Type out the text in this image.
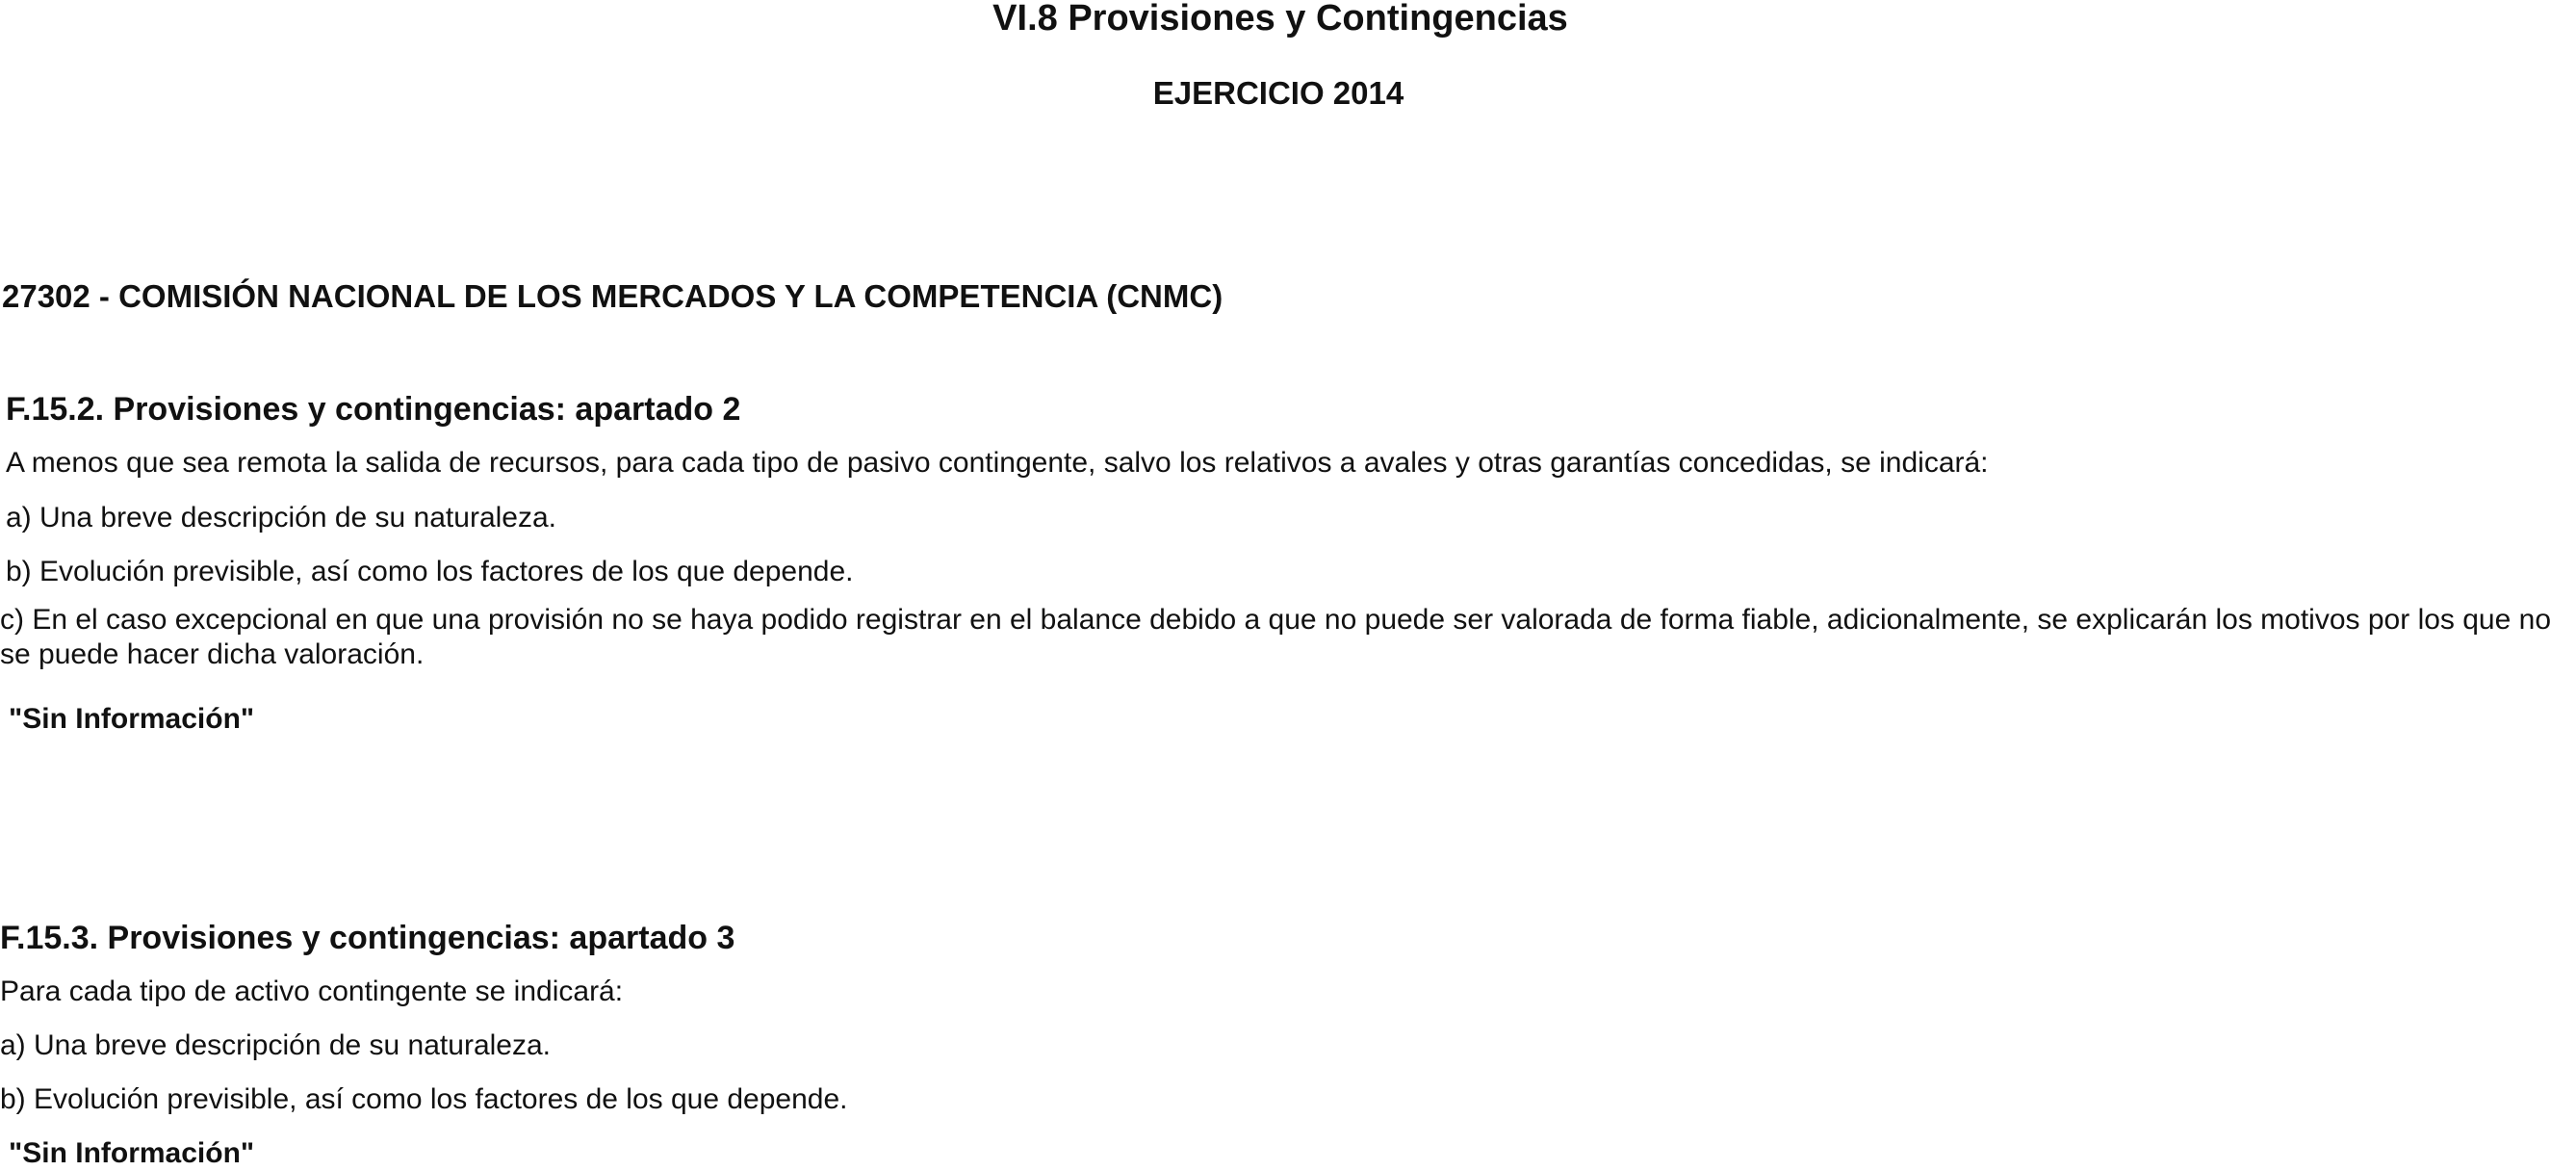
VI.8 Provisiones y Contingencias
EJERCICIO 2014
27302 - COMISIÓN NACIONAL DE LOS MERCADOS Y LA COMPETENCIA (CNMC)
F.15.2. Provisiones y contingencias: apartado 2
A menos que sea remota la salida de recursos, para cada tipo de pasivo contingente, salvo los relativos a avales y otras garantías concedidas, se indicará:
a) Una breve descripción de su naturaleza.
b) Evolución previsible, así como los factores de los que depende.
c) En el caso excepcional en que una provisión no se haya podido registrar en el balance debido a que no puede ser valorada de forma fiable, adicionalmente, se explicarán los motivos por los que no se puede hacer dicha valoración.
"Sin Información"
F.15.3. Provisiones y contingencias: apartado 3
Para cada tipo de activo contingente se indicará:
a) Una breve descripción de su naturaleza.
b) Evolución previsible, así como los factores de los que depende.
"Sin Información"
